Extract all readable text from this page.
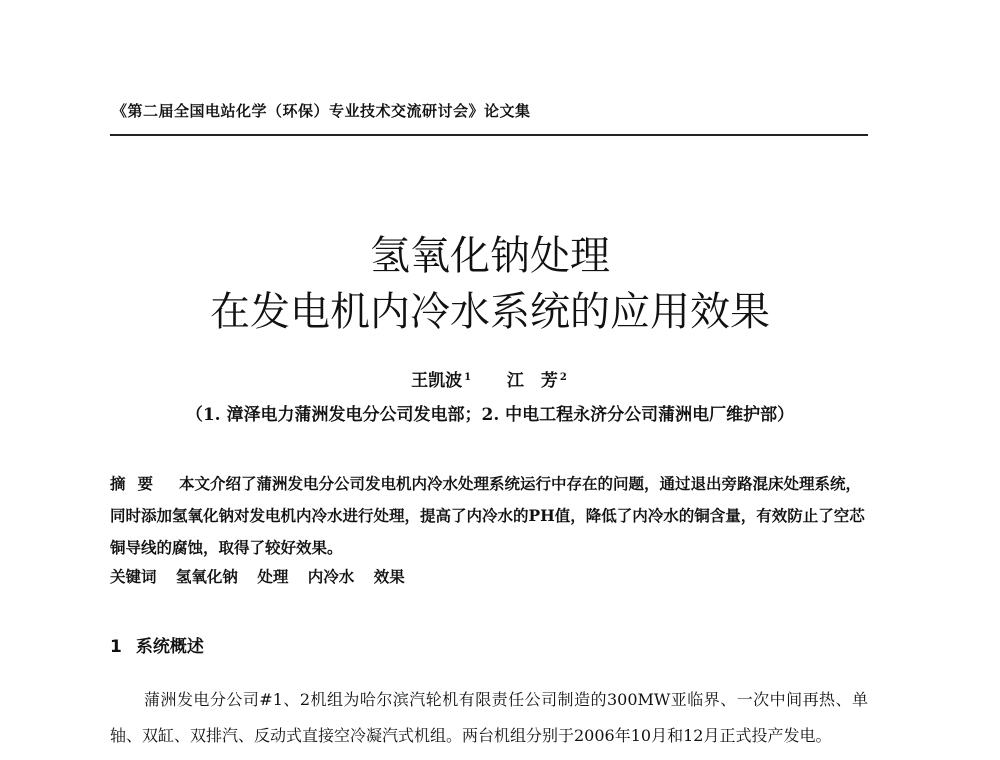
《第二届全国电站化学（环保）专业技术交流研讨会》论文集
氢氧化钠处理
在发电机内冷水系统的应用效果
王凯波 $^1$ 江　芳 $^2$
（1. 漳泽电力蒲洲发电分公司发电部；2. 中电工程永济分公司蒲洲电厂维护部）
摘要 本文介绍了蒲洲发电分公司发电机内冷水处理系统运行中存在的问题，通过退出旁路混床处理系统，同时添加氢氧化钠对发电机内冷水进行处理，提高了内冷水的PH值，降低了内冷水的铜含量，有效防止了空芯铜导线的腐蚀，取得了较好效果。
关键词 氢氧化钠 处理 内冷水 效果
1 系统概述
蒲洲发电分公司#1、2机组为哈尔滨汽轮机有限责任公司制造的300MW亚临界、一次中间再热、单轴、双缸、双排汽、反动式直接空冷凝汽式机组。两台机组分别于2006年10月和12月正式投产发电。
